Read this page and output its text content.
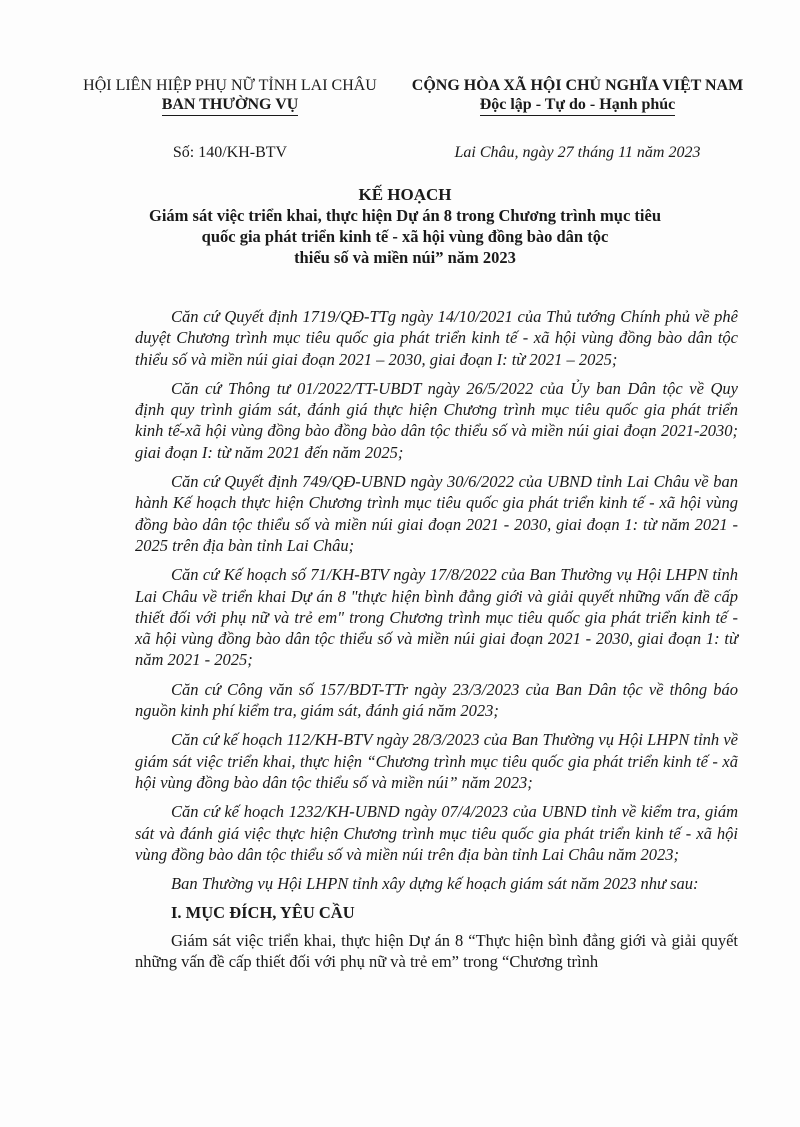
HỘI LIÊN HIỆP PHỤ NỮ TỈNH LAI CHÂU
BAN THƯỜNG VỤ
Số: 140/KH-BTV
CỘNG HÒA XÃ HỘI CHỦ NGHĨA VIỆT NAM
Độc lập - Tự do - Hạnh phúc
Lai Châu, ngày 27 tháng 11 năm 2023
KẾ HOẠCH
Giám sát việc triển khai, thực hiện Dự án 8 trong Chương trình mục tiêu
quốc gia phát triển kinh tế - xã hội vùng đồng bào dân tộc
thiểu số và miền núi” năm 2023

Căn cứ Quyết định 1719/QĐ-TTg ngày 14/10/2021 của Thủ tướng Chính phủ về phê duyệt Chương trình mục tiêu quốc gia phát triển kinh tế - xã hội vùng đồng bào dân tộc thiểu số và miền núi giai đoạn 2021 – 2030, giai đoạn I: từ 2021 – 2025;

Căn cứ Thông tư 01/2022/TT-UBDT ngày 26/5/2022 của Ủy ban Dân tộc về Quy định quy trình giám sát, đánh giá thực hiện Chương trình mục tiêu quốc gia phát triển kinh tế-xã hội vùng đồng bào đồng bào dân tộc thiểu số và miền núi giai đoạn 2021-2030; giai đoạn I: từ năm 2021 đến năm 2025;

Căn cứ Quyết định 749/QĐ-UBND ngày 30/6/2022 của UBND tỉnh Lai Châu về ban hành Kế hoạch thực hiện Chương trình mục tiêu quốc gia phát triển kinh tế - xã hội vùng đồng bào dân tộc thiểu số và miền núi giai đoạn 2021 - 2030, giai đoạn 1: từ năm 2021 - 2025 trên địa bàn tỉnh Lai Châu;

Căn cứ Kế hoạch số 71/KH-BTV ngày 17/8/2022 của Ban Thường vụ Hội LHPN tỉnh Lai Châu về triển khai Dự án 8 "thực hiện bình đẳng giới và giải quyết những vấn đề cấp thiết đối với phụ nữ và trẻ em" trong Chương trình mục tiêu quốc gia phát triển kinh tế - xã hội vùng đồng bào dân tộc thiểu số và miền núi giai đoạn 2021 - 2030, giai đoạn 1: từ năm 2021 - 2025;

Căn cứ Công văn số 157/BDT-TTr ngày 23/3/2023 của Ban Dân tộc về thông báo nguồn kinh phí kiểm tra, giám sát, đánh giá năm 2023;

Căn cứ kế hoạch 112/KH-BTV ngày 28/3/2023 của Ban Thường vụ Hội LHPN tỉnh về giám sát việc triển khai, thực hiện “Chương trình mục tiêu quốc gia phát triển kinh tế - xã hội vùng đồng bào dân tộc thiểu số và miền núi” năm 2023;

Căn cứ kế hoạch 1232/KH-UBND ngày 07/4/2023 của UBND tỉnh về kiểm tra, giám sát và đánh giá việc thực hiện Chương trình mục tiêu quốc gia phát triển kinh tế - xã hội vùng đồng bào dân tộc thiểu số và miền núi trên địa bàn tỉnh Lai Châu năm 2023;

Ban Thường vụ Hội LHPN tỉnh xây dựng kế hoạch giám sát năm 2023 như sau:

I. MỤC ĐÍCH, YÊU CẦU

Giám sát việc triển khai, thực hiện Dự án 8 “Thực hiện bình đẳng giới và giải quyết những vấn đề cấp thiết đối với phụ nữ và trẻ em” trong “Chương trình
